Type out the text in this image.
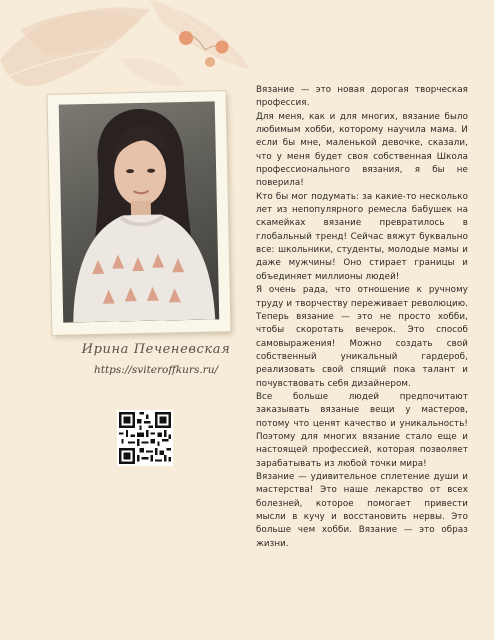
Ирина Печеневская
https://sviteroffkurs.ru/

Вязание — это новая дорогая творческая профессия.

Для меня, как и для многих, вязание было любимым хобби, которому научила мама. И если бы мне, маленькой девочке, сказали, что у меня будет своя собственная Школа профессионального вязания, я бы не поверила!

Кто бы мог подумать: за какие-то несколько лет из непопулярного ремесла бабушек на скамейках вязание превратилось в глобальный тренд! Сейчас вяжут буквально все: школьники, студенты, молодые мамы и даже мужчины! Оно стирает границы и объединяет миллионы людей!

Я очень рада, что отношение к ручному труду и творчеству переживает революцию. Теперь вязание — это не просто хобби, чтобы скоротать вечерок. Это способ самовыражения! Можно создать свой собственный уникальный гардероб, реализовать свой спящий пока талант и почувствовать себя дизайнером.

Все больше людей предпочитают заказывать вязаные вещи у мастеров, потому что ценят качество и уникальность! Поэтому для многих вязание стало еще и настоящей профессией, которая позволяет зарабатывать из любой точки мира!

Вязание — удивительное сплетение души и мастерства! Это наше лекарство от всех болезней, которое помогает привести мысли в кучу и восстановить нервы. Это больше чем хобби. Вязание — это образ жизни.
